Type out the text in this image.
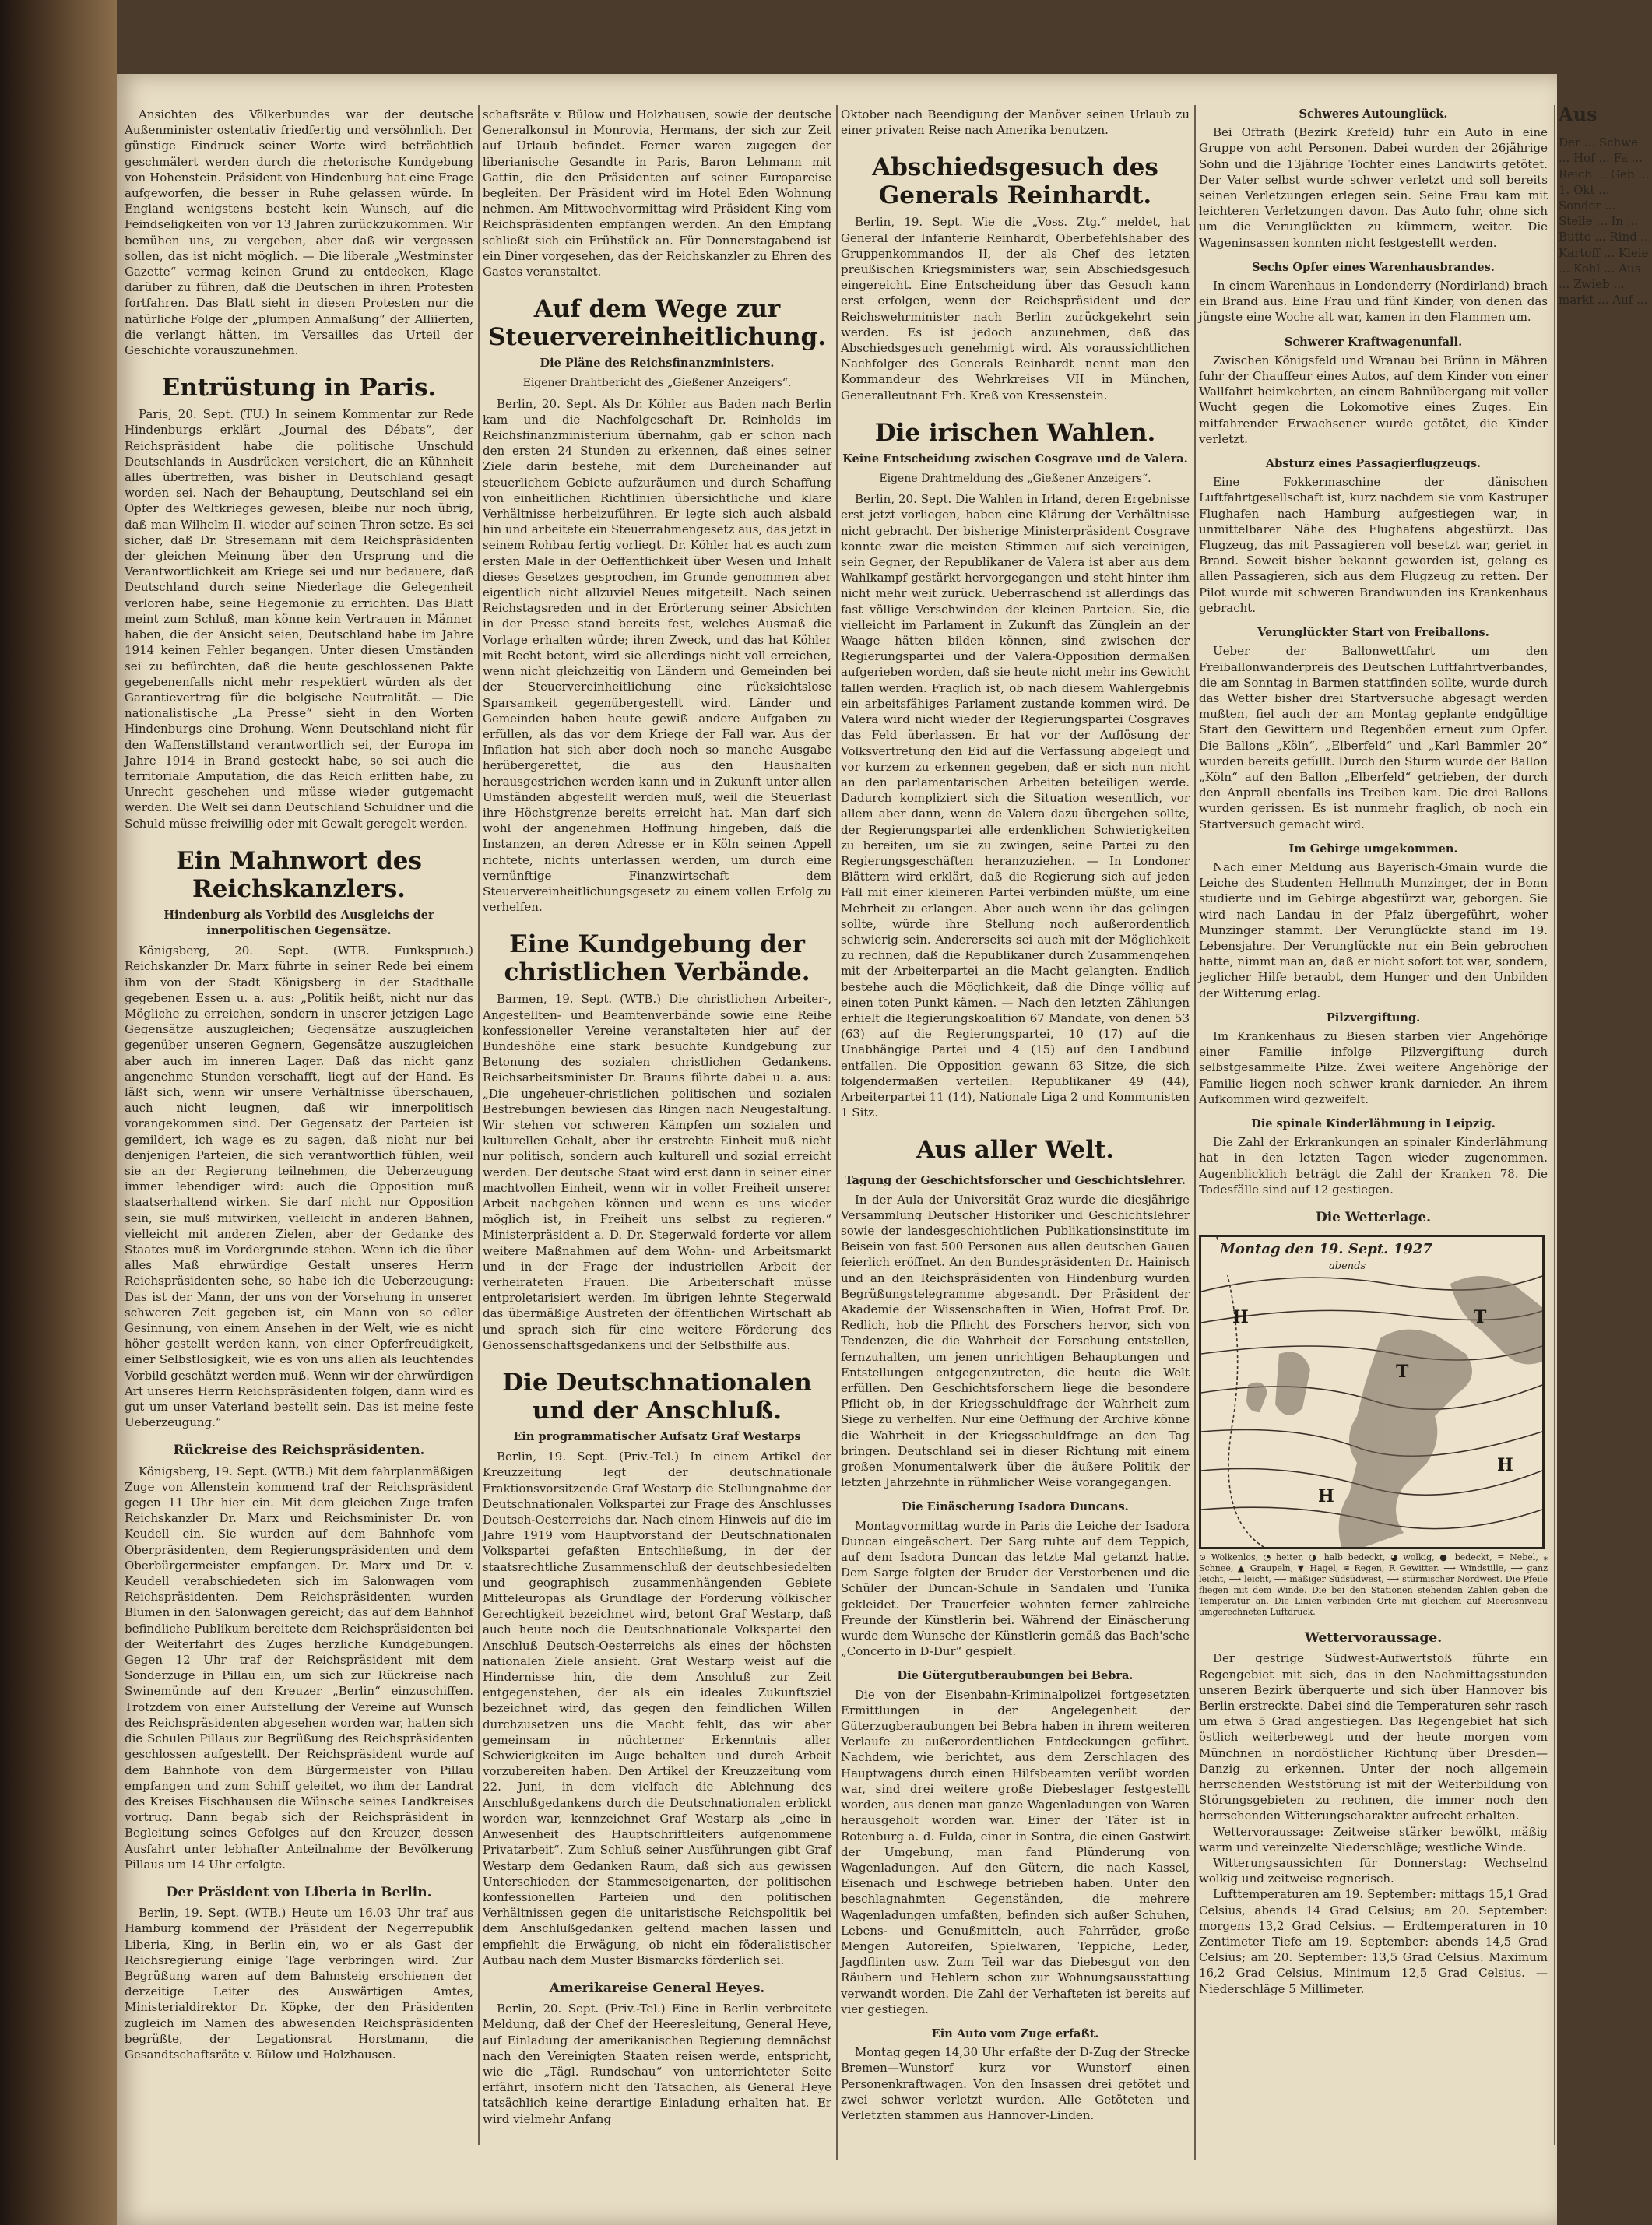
Ansichten des Völkerbundes war der deutsche Außenminister ostentativ friedfertig und versöhnlich. Der günstige Eindruck seiner Worte wird beträchtlich geschmälert werden durch die rhetorische Kundgebung von Hohenstein. Präsident von Hindenburg hat eine Frage aufgeworfen, die besser in Ruhe gelassen würde. In England wenigstens besteht kein Wunsch, auf die Feindseligkeiten von vor 13 Jahren zurückzukommen. Wir bemühen uns, zu vergeben, aber daß wir vergessen sollen, das ist nicht möglich. — Die liberale „Westminster Gazette“ vermag keinen Grund zu entdecken, Klage darüber zu führen, daß die Deutschen in ihren Protesten fortfahren. Das Blatt sieht in diesen Protesten nur die natürliche Folge der „plumpen Anmaßung“ der Alliierten, die verlangt hätten, im Versailles das Urteil der Geschichte vorauszunehmen.

Entrüstung in Paris.

Paris, 20. Sept. (TU.) In seinem Kommentar zur Rede Hindenburgs erklärt „Journal des Débats“, der Reichspräsident habe die politische Unschuld Deutschlands in Ausdrücken versichert, die an Kühnheit alles übertreffen, was bisher in Deutschland gesagt worden sei. Nach der Behauptung, Deutschland sei ein Opfer des Weltkrieges gewesen, bleibe nur noch übrig, daß man Wilhelm II. wieder auf seinen Thron setze. Es sei sicher, daß Dr. Stresemann mit dem Reichspräsidenten der gleichen Meinung über den Ursprung und die Verantwortlichkeit am Kriege sei und nur bedauere, daß Deutschland durch seine Niederlage die Gelegenheit verloren habe, seine Hegemonie zu errichten. Das Blatt meint zum Schluß, man könne kein Vertrauen in Männer haben, die der Ansicht seien, Deutschland habe im Jahre 1914 keinen Fehler begangen. Unter diesen Umständen sei zu befürchten, daß die heute geschlossenen Pakte gegebenenfalls nicht mehr respektiert würden als der Garantievertrag für die belgische Neutralität. — Die nationalistische „La Presse“ sieht in den Worten Hindenburgs eine Drohung. Wenn Deutschland nicht für den Waffenstillstand verantwortlich sei, der Europa im Jahre 1914 in Brand gesteckt habe, so sei auch die territoriale Amputation, die das Reich erlitten habe, zu Unrecht geschehen und müsse wieder gutgemacht werden. Die Welt sei dann Deutschland Schuldner und die Schuld müsse freiwillig oder mit Gewalt geregelt werden.

Ein Mahnwort des Reichskanzlers.
Hindenburg als Vorbild des Ausgleichs der innerpolitischen Gegensätze.

Königsberg, 20. Sept. (WTB. Funkspruch.) Reichskanzler Dr. Marx führte in seiner Rede bei einem ihm von der Stadt Königsberg in der Stadthalle gegebenen Essen u. a. aus: „Politik heißt, nicht nur das Mögliche zu erreichen, sondern in unserer jetzigen Lage Gegensätze auszugleichen; Gegensätze auszugleichen gegenüber unseren Gegnern, Gegensätze auszugleichen aber auch im inneren Lager. Daß das nicht ganz angenehme Stunden verschafft, liegt auf der Hand. Es läßt sich, wenn wir unsere Verhältnisse überschauen, auch nicht leugnen, daß wir innerpolitisch vorangekommen sind. Der Gegensatz der Parteien ist gemildert, ich wage es zu sagen, daß nicht nur bei denjenigen Parteien, die sich verantwortlich fühlen, weil sie an der Regierung teilnehmen, die Ueberzeugung immer lebendiger wird: auch die Opposition muß staatserhaltend wirken. Sie darf nicht nur Opposition sein, sie muß mitwirken, vielleicht in anderen Bahnen, vielleicht mit anderen Zielen, aber der Gedanke des Staates muß im Vordergrunde stehen. Wenn ich die über alles Maß ehrwürdige Gestalt unseres Herrn Reichspräsidenten sehe, so habe ich die Ueberzeugung: Das ist der Mann, der uns von der Vorsehung in unserer schweren Zeit gegeben ist, ein Mann von so edler Gesinnung, von einem Ansehen in der Welt, wie es nicht höher gestellt werden kann, von einer Opferfreudigkeit, einer Selbstlosigkeit, wie es von uns allen als leuchtendes Vorbild geschätzt werden muß. Wenn wir der ehrwürdigen Art unseres Herrn Reichspräsidenten folgen, dann wird es gut um unser Vaterland bestellt sein. Das ist meine feste Ueberzeugung.“

Rückreise des Reichspräsidenten.

Königsberg, 19. Sept. (WTB.) Mit dem fahrplanmäßigen Zuge von Allenstein kommend traf der Reichspräsident gegen 11 Uhr hier ein. Mit dem gleichen Zuge trafen Reichskanzler Dr. Marx und Reichsminister Dr. von Keudell ein. Sie wurden auf dem Bahnhofe vom Oberpräsidenten, dem Regierungspräsidenten und dem Oberbürgermeister empfangen. Dr. Marx und Dr. v. Keudell verabschiedeten sich im Salonwagen vom Reichspräsidenten. Dem Reichspräsidenten wurden Blumen in den Salonwagen gereicht; das auf dem Bahnhof befindliche Publikum bereitete dem Reichspräsidenten bei der Weiterfahrt des Zuges herzliche Kundgebungen. Gegen 12 Uhr traf der Reichspräsident mit dem Sonderzuge in Pillau ein, um sich zur Rückreise nach Swinemünde auf den Kreuzer „Berlin“ einzuschiffen. Trotzdem von einer Aufstellung der Vereine auf Wunsch des Reichspräsidenten abgesehen worden war, hatten sich die Schulen Pillaus zur Begrüßung des Reichspräsidenten geschlossen aufgestellt. Der Reichspräsident wurde auf dem Bahnhofe von dem Bürgermeister von Pillau empfangen und zum Schiff geleitet, wo ihm der Landrat des Kreises Fischhausen die Wünsche seines Landkreises vortrug. Dann begab sich der Reichspräsident in Begleitung seines Gefolges auf den Kreuzer, dessen Ausfahrt unter lebhafter Anteilnahme der Bevölkerung Pillaus um 14 Uhr erfolgte.

Der Präsident von Liberia in Berlin.

Berlin, 19. Sept. (WTB.) Heute um 16.03 Uhr traf aus Hamburg kommend der Präsident der Negerrepublik Liberia, King, in Berlin ein, wo er als Gast der Reichsregierung einige Tage verbringen wird. Zur Begrüßung waren auf dem Bahnsteig erschienen der derzeitige Leiter des Auswärtigen Amtes, Ministerialdirektor Dr. Köpke, der den Präsidenten zugleich im Namen des abwesenden Reichspräsidenten begrüßte, der Legationsrat Horstmann, die Gesandtschaftsräte v. Bülow und Holzhausen.

schaftsräte v. Bülow und Holzhausen, sowie der deutsche Generalkonsul in Monrovia, Hermans, der sich zur Zeit auf Urlaub befindet. Ferner waren zugegen der liberianische Gesandte in Paris, Baron Lehmann mit Gattin, die den Präsidenten auf seiner Europareise begleiten. Der Präsident wird im Hotel Eden Wohnung nehmen. Am Mittwochvormittag wird Präsident King vom Reichspräsidenten empfangen werden. An den Empfang schließt sich ein Frühstück an. Für Donnerstagabend ist ein Diner vorgesehen, das der Reichskanzler zu Ehren des Gastes veranstaltet.

Auf dem Wege zur Steuervereinheitlichung.
Die Pläne des Reichsfinanzministers.
Eigener Drahtbericht des „Gießener Anzeigers“.

Berlin, 20. Sept. Als Dr. Köhler aus Baden nach Berlin kam und die Nachfolgeschaft Dr. Reinholds im Reichsfinanzministerium übernahm, gab er schon nach den ersten 24 Stunden zu erkennen, daß eines seiner Ziele darin bestehe, mit dem Durcheinander auf steuerlichem Gebiete aufzuräumen und durch Schaffung von einheitlichen Richtlinien übersichtliche und klare Verhältnisse herbeizuführen. Er legte sich auch alsbald hin und arbeitete ein Steuerrahmengesetz aus, das jetzt in seinem Rohbau fertig vorliegt. Dr. Köhler hat es auch zum ersten Male in der Oeffentlichkeit über Wesen und Inhalt dieses Gesetzes gesprochen, im Grunde genommen aber eigentlich nicht allzuviel Neues mitgeteilt. Nach seinen Reichstagsreden und in der Erörterung seiner Absichten in der Presse stand bereits fest, welches Ausmaß die Vorlage erhalten würde; ihren Zweck, und das hat Köhler mit Recht betont, wird sie allerdings nicht voll erreichen, wenn nicht gleichzeitig von Ländern und Gemeinden bei der Steuervereinheitlichung eine rücksichtslose Sparsamkeit gegenübergestellt wird. Länder und Gemeinden haben heute gewiß andere Aufgaben zu erfüllen, als das vor dem Kriege der Fall war. Aus der Inflation hat sich aber doch noch so manche Ausgabe herübergerettet, die aus den Haushalten herausgestrichen werden kann und in Zukunft unter allen Umständen abgestellt werden muß, weil die Steuerlast ihre Höchstgrenze bereits erreicht hat. Man darf sich wohl der angenehmen Hoffnung hingeben, daß die Instanzen, an deren Adresse er in Köln seinen Appell richtete, nichts unterlassen werden, um durch eine vernünftige Finanzwirtschaft dem Steuervereinheitlichungsgesetz zu einem vollen Erfolg zu verhelfen.

Eine Kundgebung der christlichen Verbände.

Barmen, 19. Sept. (WTB.) Die christlichen Arbeiter-, Angestellten- und Beamtenverbände sowie eine Reihe konfessioneller Vereine veranstalteten hier auf der Bundeshöhe eine stark besuchte Kundgebung zur Betonung des sozialen christlichen Gedankens. Reichsarbeitsminister Dr. Brauns führte dabei u. a. aus: „Die ungeheuer-christlichen politischen und sozialen Bestrebungen bewiesen das Ringen nach Neugestaltung. Wir stehen vor schweren Kämpfen um sozialen und kulturellen Gehalt, aber ihr erstrebte Einheit muß nicht nur politisch, sondern auch kulturell und sozial erreicht werden. Der deutsche Staat wird erst dann in seiner einer machtvollen Einheit, wenn wir in voller Freiheit unserer Arbeit nachgehen können und wenn es uns wieder möglich ist, in Freiheit uns selbst zu regieren.“ Ministerpräsident a. D. Dr. Stegerwald forderte vor allem weitere Maßnahmen auf dem Wohn- und Arbeitsmarkt und in der Frage der industriellen Arbeit der verheirateten Frauen. Die Arbeiterschaft müsse entproletarisiert werden. Im übrigen lehnte Stegerwald das übermäßige Austreten der öffentlichen Wirtschaft ab und sprach sich für eine weitere Förderung des Genossenschaftsgedankens und der Selbsthilfe aus.

Die Deutschnationalen und der Anschluß.
Ein programmatischer Aufsatz Graf Westarps

Berlin, 19. Sept. (Priv.-Tel.) In einem Artikel der Kreuzzeitung legt der deutschnationale Fraktionsvorsitzende Graf Westarp die Stellungnahme der Deutschnationalen Volkspartei zur Frage des Anschlusses Deutsch-Oesterreichs dar. Nach einem Hinweis auf die im Jahre 1919 vom Hauptvorstand der Deutschnationalen Volkspartei gefaßten Entschließung, in der der staatsrechtliche Zusammenschluß der deutschbesiedelten und geographisch zusammenhängenden Gebiete Mitteleuropas als Grundlage der Forderung völkischer Gerechtigkeit bezeichnet wird, betont Graf Westarp, daß auch heute noch die Deutschnationale Volkspartei den Anschluß Deutsch-Oesterreichs als eines der höchsten nationalen Ziele ansieht. Graf Westarp weist auf die Hindernisse hin, die dem Anschluß zur Zeit entgegenstehen, der als ein ideales Zukunftsziel bezeichnet wird, das gegen den feindlichen Willen durchzusetzen uns die Macht fehlt, das wir aber gemeinsam in nüchterner Erkenntnis aller Schwierigkeiten im Auge behalten und durch Arbeit vorzubereiten haben. Den Artikel der Kreuzzeitung vom 22. Juni, in dem vielfach die Ablehnung des Anschlußgedankens durch die Deutschnationalen erblickt worden war, kennzeichnet Graf Westarp als „eine in Anwesenheit des Hauptschriftleiters aufgenommene Privatarbeit“. Zum Schluß seiner Ausführungen gibt Graf Westarp dem Gedanken Raum, daß sich aus gewissen Unterschieden der Stammeseigenarten, der politischen konfessionellen Parteien und den politischen Verhältnissen gegen die unitaristische Reichspolitik bei dem Anschlußgedanken geltend machen lassen und empfiehlt die Erwägung, ob nicht ein föderalistischer Aufbau nach dem Muster Bismarcks förderlich sei.

Amerikareise General Heyes.

Berlin, 20. Sept. (Priv.-Tel.) Eine in Berlin verbreitete Meldung, daß der Chef der Heeresleitung, General Heye, auf Einladung der amerikanischen Regierung demnächst nach den Vereinigten Staaten reisen werde, entspricht, wie die „Tägl. Rundschau“ von unterrichteter Seite erfährt, insofern nicht den Tatsachen, als General Heye tatsächlich keine derartige Einladung erhalten hat. Er wird vielmehr Anfang

Oktober nach Beendigung der Manöver seinen Urlaub zu einer privaten Reise nach Amerika benutzen.

Abschiedsgesuch des Generals Reinhardt.

Berlin, 19. Sept. Wie die „Voss. Ztg.“ meldet, hat General der Infanterie Reinhardt, Oberbefehlshaber des Gruppenkommandos II, der als Chef des letzten preußischen Kriegsministers war, sein Abschiedsgesuch eingereicht. Eine Entscheidung über das Gesuch kann erst erfolgen, wenn der Reichspräsident und der Reichswehrminister nach Berlin zurückgekehrt sein werden. Es ist jedoch anzunehmen, daß das Abschiedsgesuch genehmigt wird. Als voraussichtlichen Nachfolger des Generals Reinhardt nennt man den Kommandeur des Wehrkreises VII in München, Generalleutnant Frh. Kreß von Kressenstein.

Die irischen Wahlen.
Keine Entscheidung zwischen Cosgrave und de Valera.
Eigene Drahtmeldung des „Gießener Anzeigers“.

Berlin, 20. Sept. Die Wahlen in Irland, deren Ergebnisse erst jetzt vorliegen, haben eine Klärung der Verhältnisse nicht gebracht. Der bisherige Ministerpräsident Cosgrave konnte zwar die meisten Stimmen auf sich vereinigen, sein Gegner, der Republikaner de Valera ist aber aus dem Wahlkampf gestärkt hervorgegangen und steht hinter ihm nicht mehr weit zurück. Ueberraschend ist allerdings das fast völlige Verschwinden der kleinen Parteien. Sie, die vielleicht im Parlament in Zukunft das Zünglein an der Waage hätten bilden können, sind zwischen der Regierungspartei und der Valera-Opposition dermaßen aufgerieben worden, daß sie heute nicht mehr ins Gewicht fallen werden. Fraglich ist, ob nach diesem Wahlergebnis ein arbeitsfähiges Parlament zustande kommen wird. De Valera wird nicht wieder der Regierungspartei Cosgraves das Feld überlassen. Er hat vor der Auflösung der Volksvertretung den Eid auf die Verfassung abgelegt und vor kurzem zu erkennen gegeben, daß er sich nun nicht an den parlamentarischen Arbeiten beteiligen werde. Dadurch kompliziert sich die Situation wesentlich, vor allem aber dann, wenn de Valera dazu übergehen sollte, der Regierungspartei alle erdenklichen Schwierigkeiten zu bereiten, um sie zu zwingen, seine Partei zu den Regierungsgeschäften heranzuziehen. — In Londoner Blättern wird erklärt, daß die Regierung sich auf jeden Fall mit einer kleineren Partei verbinden müßte, um eine Mehrheit zu erlangen. Aber auch wenn ihr das gelingen sollte, würde ihre Stellung noch außerordentlich schwierig sein. Andererseits sei auch mit der Möglichkeit zu rechnen, daß die Republikaner durch Zusammengehen mit der Arbeiterpartei an die Macht gelangten. Endlich bestehe auch die Möglichkeit, daß die Dinge völlig auf einen toten Punkt kämen. — Nach den letzten Zählungen erhielt die Regierungskoalition 67 Mandate, von denen 53 (63) auf die Regierungspartei, 10 (17) auf die Unabhängige Partei und 4 (15) auf den Landbund entfallen. Die Opposition gewann 63 Sitze, die sich folgendermaßen verteilen: Republikaner 49 (44), Arbeiterpartei 11 (14), Nationale Liga 2 und Kommunisten 1 Sitz.

Aus aller Welt.
Tagung der Geschichtsforscher und Geschichtslehrer.

In der Aula der Universität Graz wurde die diesjährige Versammlung Deutscher Historiker und Geschichtslehrer sowie der landesgeschichtlichen Publikationsinstitute im Beisein von fast 500 Personen aus allen deutschen Gauen feierlich eröffnet. An den Bundespräsidenten Dr. Hainisch und an den Reichspräsidenten von Hindenburg wurden Begrüßungstelegramme abgesandt. Der Präsident der Akademie der Wissenschaften in Wien, Hofrat Prof. Dr. Redlich, hob die Pflicht des Forschers hervor, sich von Tendenzen, die die Wahrheit der Forschung entstellen, fernzuhalten, um jenen unrichtigen Behauptungen und Entstellungen entgegenzutreten, die heute die Welt erfüllen. Den Geschichtsforschern liege die besondere Pflicht ob, in der Kriegsschuldfrage der Wahrheit zum Siege zu verhelfen. Nur eine Oeffnung der Archive könne die Wahrheit in der Kriegsschuldfrage an den Tag bringen. Deutschland sei in dieser Richtung mit einem großen Monumentalwerk über die äußere Politik der letzten Jahrzehnte in rühmlicher Weise vorangegangen.

Die Einäscherung Isadora Duncans.

Montagvormittag wurde in Paris die Leiche der Isadora Duncan eingeäschert. Der Sarg ruhte auf dem Teppich, auf dem Isadora Duncan das letzte Mal getanzt hatte. Dem Sarge folgten der Bruder der Verstorbenen und die Schüler der Duncan-Schule in Sandalen und Tunika gekleidet. Der Trauerfeier wohnten ferner zahlreiche Freunde der Künstlerin bei. Während der Einäscherung wurde dem Wunsche der Künstlerin gemäß das Bach'sche „Concerto in D-Dur“ gespielt.

Die Gütergutberaubungen bei Bebra.

Die von der Eisenbahn-Kriminalpolizei fortgesetzten Ermittlungen in der Angelegenheit der Güterzugberaubungen bei Bebra haben in ihrem weiteren Verlaufe zu außerordentlichen Entdeckungen geführt. Nachdem, wie berichtet, aus dem Zerschlagen des Hauptwagens durch einen Hilfsbeamten verübt worden war, sind drei weitere große Diebeslager festgestellt worden, aus denen man ganze Wagenladungen von Waren herausgeholt worden war. Einer der Täter ist in Rotenburg a. d. Fulda, einer in Sontra, die einen Gastwirt der Umgebung, man fand Plünderung von Wagenladungen. Auf den Gütern, die nach Kassel, Eisenach und Eschwege betrieben haben. Unter den beschlagnahmten Gegenständen, die mehrere Wagenladungen umfaßten, befinden sich außer Schuhen, Lebens- und Genußmitteln, auch Fahrräder, große Mengen Autoreifen, Spielwaren, Teppiche, Leder, Jagdflinten usw. Zum Teil war das Diebesgut von den Räubern und Hehlern schon zur Wohnungsausstattung verwandt worden. Die Zahl der Verhafteten ist bereits auf vier gestiegen.

Ein Auto vom Zuge erfaßt.

Montag gegen 14,30 Uhr erfaßte der D-Zug der Strecke Bremen—Wunstorf kurz vor Wunstorf einen Personenkraftwagen. Von den Insassen drei getötet und zwei schwer verletzt wurden. Alle Getöteten und Verletzten stammen aus Hannover-Linden.

Schweres Autounglück.

Bei Oftrath (Bezirk Krefeld) fuhr ein Auto in eine Gruppe von acht Personen. Dabei wurden der 26jährige Sohn und die 13jährige Tochter eines Landwirts getötet. Der Vater selbst wurde schwer verletzt und soll bereits seinen Verletzungen erlegen sein. Seine Frau kam mit leichteren Verletzungen davon. Das Auto fuhr, ohne sich um die Verunglückten zu kümmern, weiter. Die Wageninsassen konnten nicht festgestellt werden.

Sechs Opfer eines Warenhausbrandes.

In einem Warenhaus in Londonderry (Nordirland) brach ein Brand aus. Eine Frau und fünf Kinder, von denen das jüngste eine Woche alt war, kamen in den Flammen um.

Schwerer Kraftwagenunfall.

Zwischen Königsfeld und Wranau bei Brünn in Mähren fuhr der Chauffeur eines Autos, auf dem Kinder von einer Wallfahrt heimkehrten, an einem Bahnübergang mit voller Wucht gegen die Lokomotive eines Zuges. Ein mitfahrender Erwachsener wurde getötet, die Kinder verletzt.

Absturz eines Passagierflugzeugs.

Eine Fokkermaschine der dänischen Luftfahrtgesellschaft ist, kurz nachdem sie vom Kastruper Flughafen nach Hamburg aufgestiegen war, in unmittelbarer Nähe des Flughafens abgestürzt. Das Flugzeug, das mit Passagieren voll besetzt war, geriet in Brand. Soweit bisher bekannt geworden ist, gelang es allen Passagieren, sich aus dem Flugzeug zu retten. Der Pilot wurde mit schweren Brandwunden ins Krankenhaus gebracht.

Verunglückter Start von Freiballons.

Ueber der Ballonwettfahrt um den Freiballonwanderpreis des Deutschen Luftfahrtverbandes, die am Sonntag in Barmen stattfinden sollte, wurde durch das Wetter bisher drei Startversuche abgesagt werden mußten, fiel auch der am Montag geplante endgültige Start den Gewittern und Regenböen erneut zum Opfer. Die Ballons „Köln“, „Elberfeld“ und „Karl Bammler 20“ wurden bereits gefüllt. Durch den Sturm wurde der Ballon „Köln“ auf den Ballon „Elberfeld“ getrieben, der durch den Anprall ebenfalls ins Treiben kam. Die drei Ballons wurden gerissen. Es ist nunmehr fraglich, ob noch ein Startversuch gemacht wird.

Im Gebirge umgekommen.

Nach einer Meldung aus Bayerisch-Gmain wurde die Leiche des Studenten Hellmuth Munzinger, der in Bonn studierte und im Gebirge abgestürzt war, geborgen. Sie wird nach Landau in der Pfalz übergeführt, woher Munzinger stammt. Der Verunglückte stand im 19. Lebensjahre. Der Verunglückte nur ein Bein gebrochen hatte, nimmt man an, daß er nicht sofort tot war, sondern, jeglicher Hilfe beraubt, dem Hunger und den Unbilden der Witterung erlag.

Pilzvergiftung.

Im Krankenhaus zu Biesen starben vier Angehörige einer Familie infolge Pilzvergiftung durch selbstgesammelte Pilze. Zwei weitere Angehörige der Familie liegen noch schwer krank darnieder. An ihrem Aufkommen wird gezweifelt.

Die spinale Kinderlähmung in Leipzig.

Die Zahl der Erkrankungen an spinaler Kinderlähmung hat in den letzten Tagen wieder zugenommen. Augenblicklich beträgt die Zahl der Kranken 78. Die Todesfälle sind auf 12 gestiegen.

Die Wetterlage.
Montag den 19. Sept. 1927
abends
H
T
T
H
H
⊙ Wolkenlos, ◔ heiter, ◑ halb bedeckt, ◕ wolkig, ● bedeckt, ≡ Nebel, ⁎ Schnee, ▲ Graupeln, ▼ Hagel, ≋ Regen, R Gewitter. ⟶ Windstille, ⟶ ganz leicht, ⟶ leicht, ⟶ mäßiger Südsüdwest, ⟶ stürmischer Nordwest. Die Pfeile fliegen mit dem Winde. Die bei den Stationen stehenden Zahlen geben die Temperatur an. Die Linien verbinden Orte mit gleichem auf Meeresniveau umgerechneten Luftdruck.
Wettervoraussage.

Der gestrige Südwest-Aufwertstoß führte ein Regengebiet mit sich, das in den Nachmittagsstunden unseren Bezirk überquerte und sich über Hannover bis Berlin erstreckte. Dabei sind die Temperaturen sehr rasch um etwa 5 Grad angestiegen. Das Regengebiet hat sich östlich weiterbewegt und der heute morgen vom Münchnen in nordöstlicher Richtung über Dresden—Danzig zu erkennen. Unter der noch allgemein herrschenden Weststörung ist mit der Weiterbildung von Störungsgebieten zu rechnen, die immer noch den herrschenden Witterungscharakter aufrecht erhalten.

Wettervoraussage: Zeitweise stärker bewölkt, mäßig warm und vereinzelte Niederschläge; westliche Winde.

Witterungsaussichten für Donnerstag: Wechselnd wolkig und zeitweise regnerisch.

Lufttemperaturen am 19. September: mittags 15,1 Grad Celsius, abends 14 Grad Celsius; am 20. September: morgens 13,2 Grad Celsius. — Erdtemperaturen in 10 Zentimeter Tiefe am 19. September: abends 14,5 Grad Celsius; am 20. September: 13,5 Grad Celsius. Maximum 16,2 Grad Celsius, Minimum 12,5 Grad Celsius. — Niederschläge 5 Millimeter.

Aus
Der ... Schwe ... Hof ... Fa ... Reich ... Geb ... 1. Okt ... Sonder ... Stelle ... In ... Butte ... Rind ... Kartoff ... Kleie ... Kohl ... Aus ... Zwieb ... markt ... Auf ...
